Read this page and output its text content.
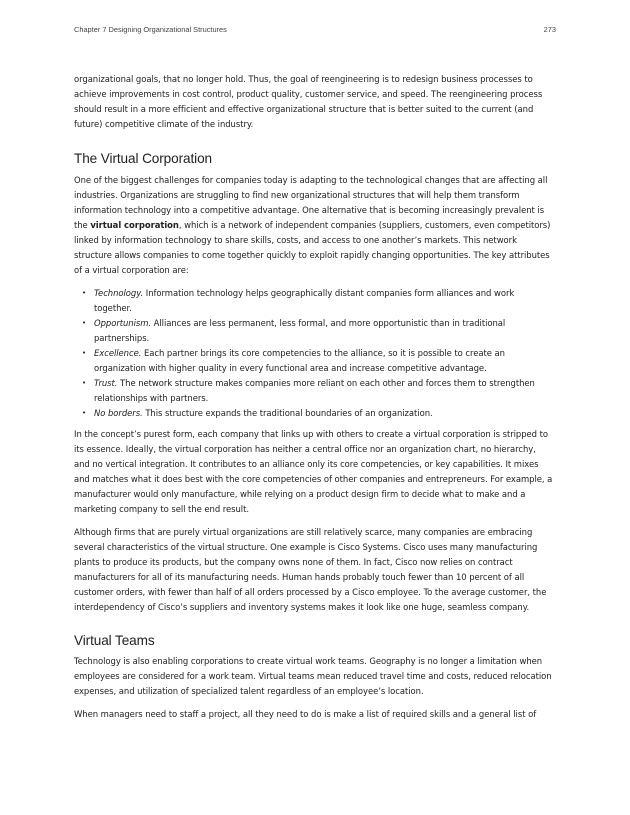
Chapter 7 Designing Organizational Structures	273

organizational goals, that no longer hold. Thus, the goal of reengineering is to redesign business processes to achieve improvements in cost control, product quality, customer service, and speed. The reengineering process should result in a more efficient and effective organizational structure that is better suited to the current (and future) competitive climate of the industry.

The Virtual Corporation

One of the biggest challenges for companies today is adapting to the technological changes that are affecting all industries. Organizations are struggling to find new organizational structures that will help them transform information technology into a competitive advantage. One alternative that is becoming increasingly prevalent is the virtual corporation, which is a network of independent companies (suppliers, customers, even competitors) linked by information technology to share skills, costs, and access to one another’s markets. This network structure allows companies to come together quickly to exploit rapidly changing opportunities. The key attributes of a virtual corporation are:

• Technology. Information technology helps geographically distant companies form alliances and work together.
• Opportunism. Alliances are less permanent, less formal, and more opportunistic than in traditional partnerships.
• Excellence. Each partner brings its core competencies to the alliance, so it is possible to create an organization with higher quality in every functional area and increase competitive advantage.
• Trust. The network structure makes companies more reliant on each other and forces them to strengthen relationships with partners.
• No borders. This structure expands the traditional boundaries of an organization.

In the concept’s purest form, each company that links up with others to create a virtual corporation is stripped to its essence. Ideally, the virtual corporation has neither a central office nor an organization chart, no hierarchy, and no vertical integration. It contributes to an alliance only its core competencies, or key capabilities. It mixes and matches what it does best with the core competencies of other companies and entrepreneurs. For example, a manufacturer would only manufacture, while relying on a product design firm to decide what to make and a marketing company to sell the end result.

Although firms that are purely virtual organizations are still relatively scarce, many companies are embracing several characteristics of the virtual structure. One example is Cisco Systems. Cisco uses many manufacturing plants to produce its products, but the company owns none of them. In fact, Cisco now relies on contract manufacturers for all of its manufacturing needs. Human hands probably touch fewer than 10 percent of all customer orders, with fewer than half of all orders processed by a Cisco employee. To the average customer, the interdependency of Cisco’s suppliers and inventory systems makes it look like one huge, seamless company.

Virtual Teams

Technology is also enabling corporations to create virtual work teams. Geography is no longer a limitation when employees are considered for a work team. Virtual teams mean reduced travel time and costs, reduced relocation expenses, and utilization of specialized talent regardless of an employee’s location.

When managers need to staff a project, all they need to do is make a list of required skills and a general list of
